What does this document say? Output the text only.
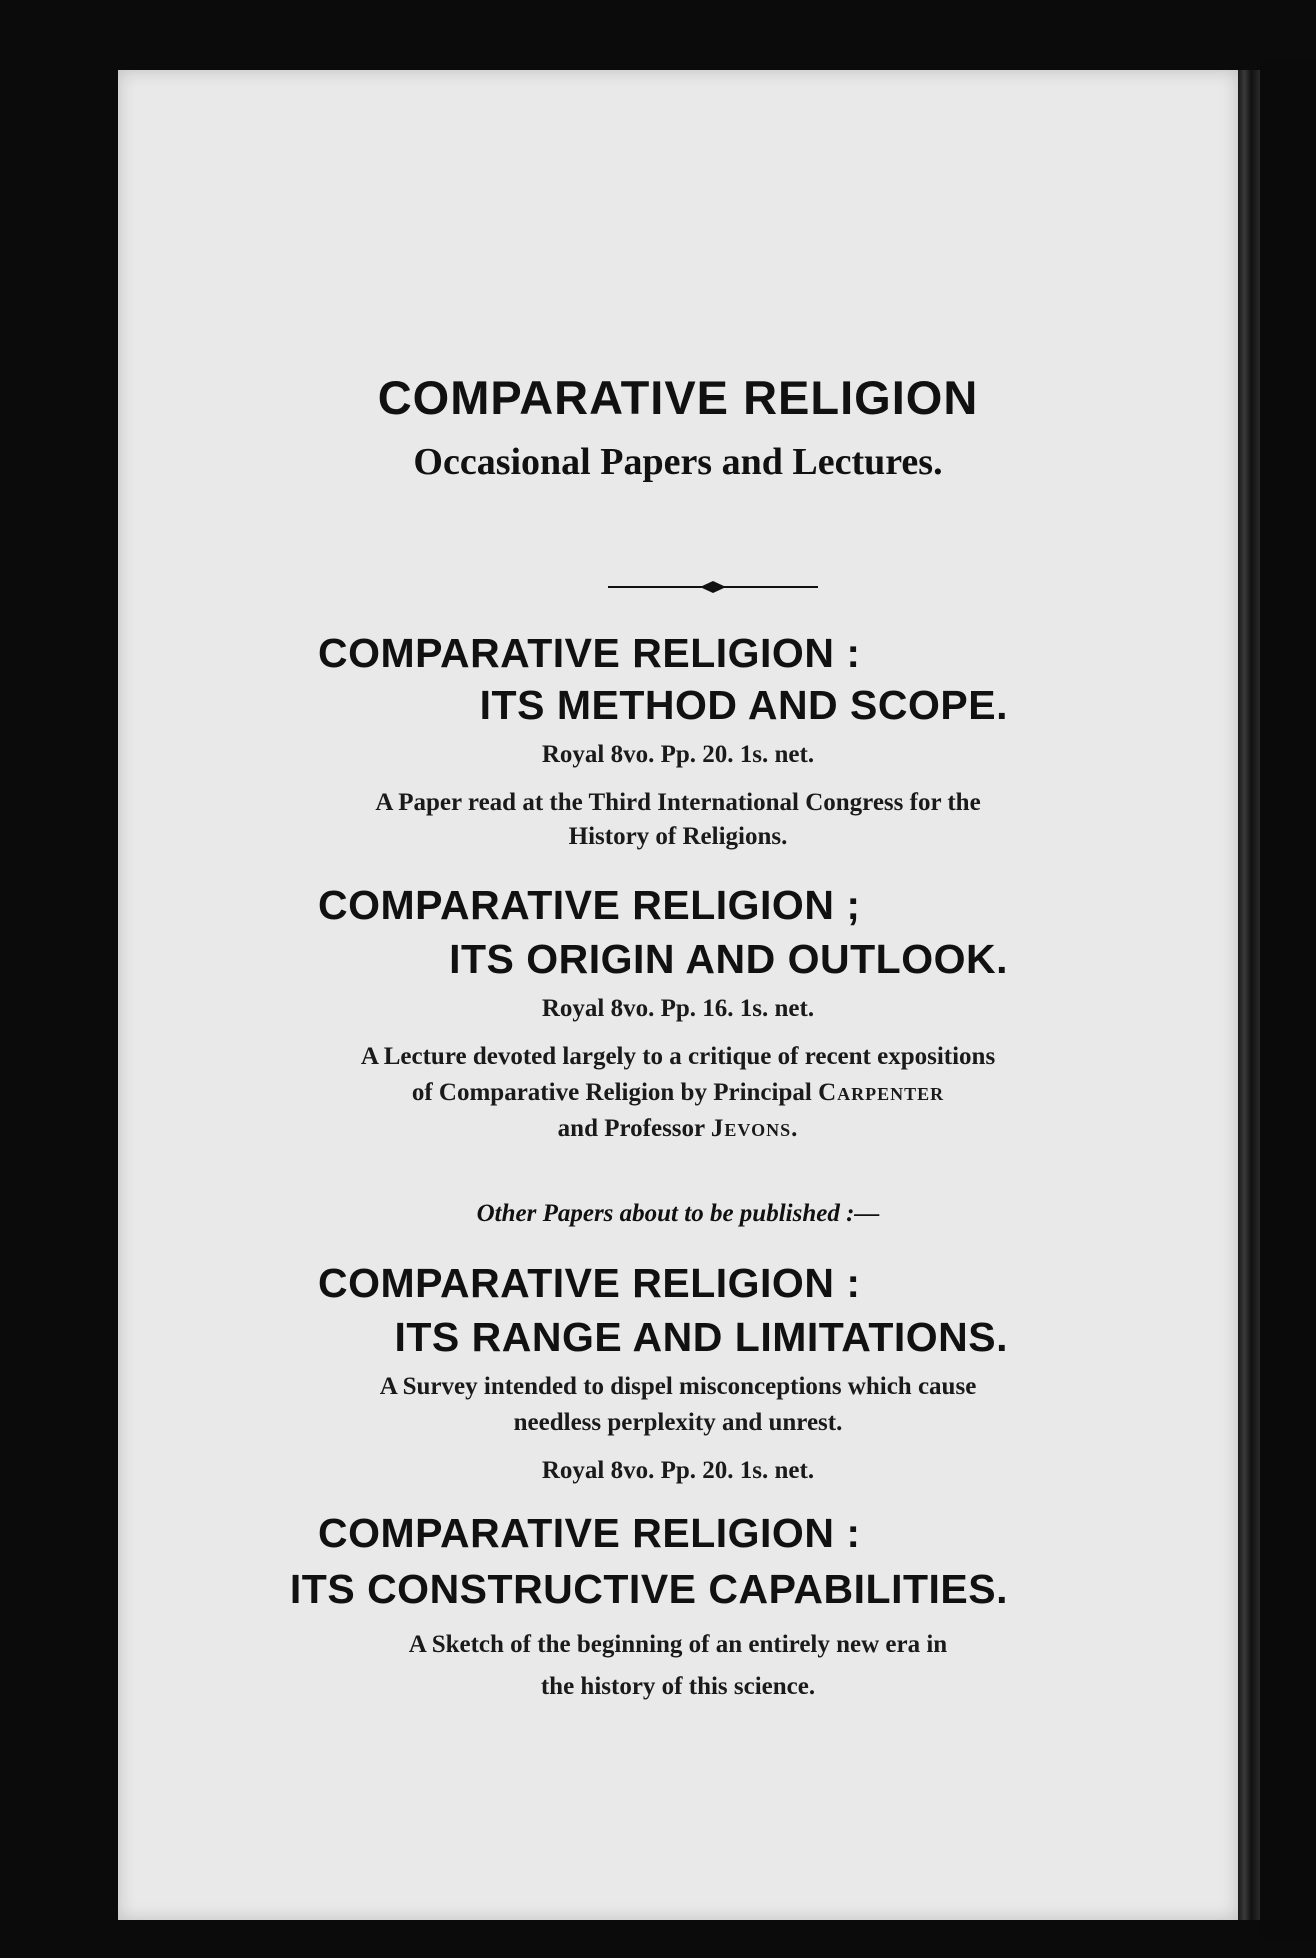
COMPARATIVE RELIGION
Occasional Papers and Lectures.
COMPARATIVE RELIGION :
ITS METHOD AND SCOPE.
Royal 8vo. Pp. 20. 1s. net.
A Paper read at the Third International Congress for the
History of Religions.
COMPARATIVE RELIGION ;
ITS ORIGIN AND OUTLOOK.
Royal 8vo. Pp. 16. 1s. net.
A Lecture devoted largely to a critique of recent expositions
of Comparative Religion by Principal Carpenter
and Professor Jevons.
Other Papers about to be published :—
COMPARATIVE RELIGION :
ITS RANGE AND LIMITATIONS.
A Survey intended to dispel misconceptions which cause
needless perplexity and unrest.
Royal 8vo. Pp. 20. 1s. net.
COMPARATIVE RELIGION :
ITS CONSTRUCTIVE CAPABILITIES.
A Sketch of the beginning of an entirely new era in
the history of this science.
